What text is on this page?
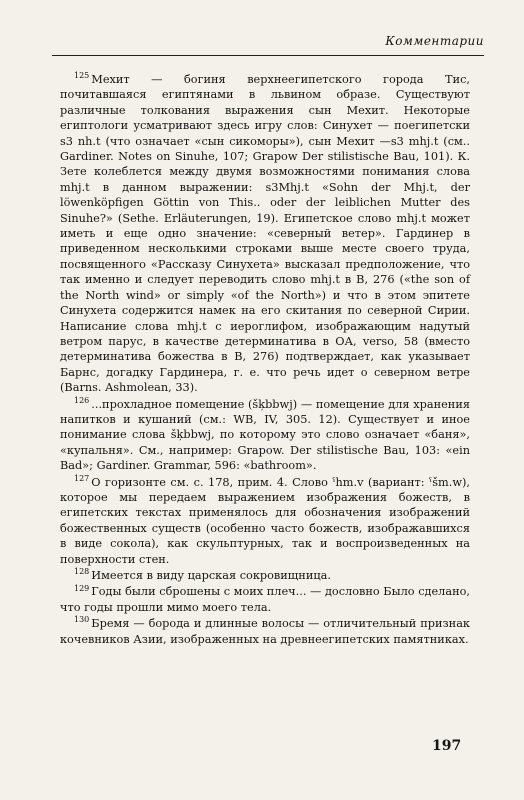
Комментарии

$^{125}$ Мехит — богиня верхнеегипетского города Тис, почитавшаяся египтянами в львином образе. Существуют различные толкования выражения сын Мехит. Некоторые египтологи усматривают здесь игру слов: Синухет — поегипетски s3 nh.t (что означает «сын сикоморы»), сын Мехит —s3 mhj.t (см.. Gardiner. Notes on Sinuhe, 107; Grapow Der stilistische Bau, 101). К. Зете колеблется между двумя возможностями понимания слова mhj.t в данном выражении: s3Mhj.t «Sohn der Mhj.t, der löwenköpfigen Göttin von This.. oder der leiblichen Mutter des Sinuhe?» (Sethe. Erläuterungen, 19). Египетское слово mhj.t может иметь и еще одно значение: «северный ветер». Гардинер в приведенном несколькими строками выше месте своего труда, посвященного «Рассказу Синухета» высказал предположение, что так именно и следует переводить слово mhj.t в B, 276 («the son of the North wind» or simply «of the North») и что в этом эпитете Синухета содержится намек на его скитания по северной Сирии. Написание слова mhj.t с иероглифом, изображающим надутый ветром парус, в качестве детерминатива в ОА, verso, 58 (вместо детерминатива божества в B, 276) подтверждает, как указывает Барнс, догадку Гардинера, г. е. что речь идет о северном ветре (Barns. Ashmolean, 33).

$^{126}$ ...прохладное помещение (šķbbwj) — помещение для хранения напитков и кушаний (см.: WB, IV, 305. 12). Существует и иное понимание слова šķbbwj, по которому это слово означает «баня», «купальня». См., например: Grapow. Der stilistische Bau, 103: «ein Bad»; Gardiner. Grammar, 596: «bathroom».

$^{127}$ О горизонте см. с. 178, прим. 4. Слово ˁhm.v (вариант: ˁšm.w), которое мы передаем выражением изображения божеств, в египетских текстах применялось для обозначения изображений божественных существ (особенно часто божеств, изображавшихся в виде сокола), как скульптурных, так и воспроизведенных на поверхности стен.

$^{128}$ Имеется в виду царская сокровищница.

$^{129}$ Годы были сброшены с моих плеч... — дословно Было сделано, что годы прошли мимо моего тела.

$^{130}$ Бремя — борода и длинные волосы — отличительный признак кочевников Азии, изображенных на древнеегипетских памятниках.

197
